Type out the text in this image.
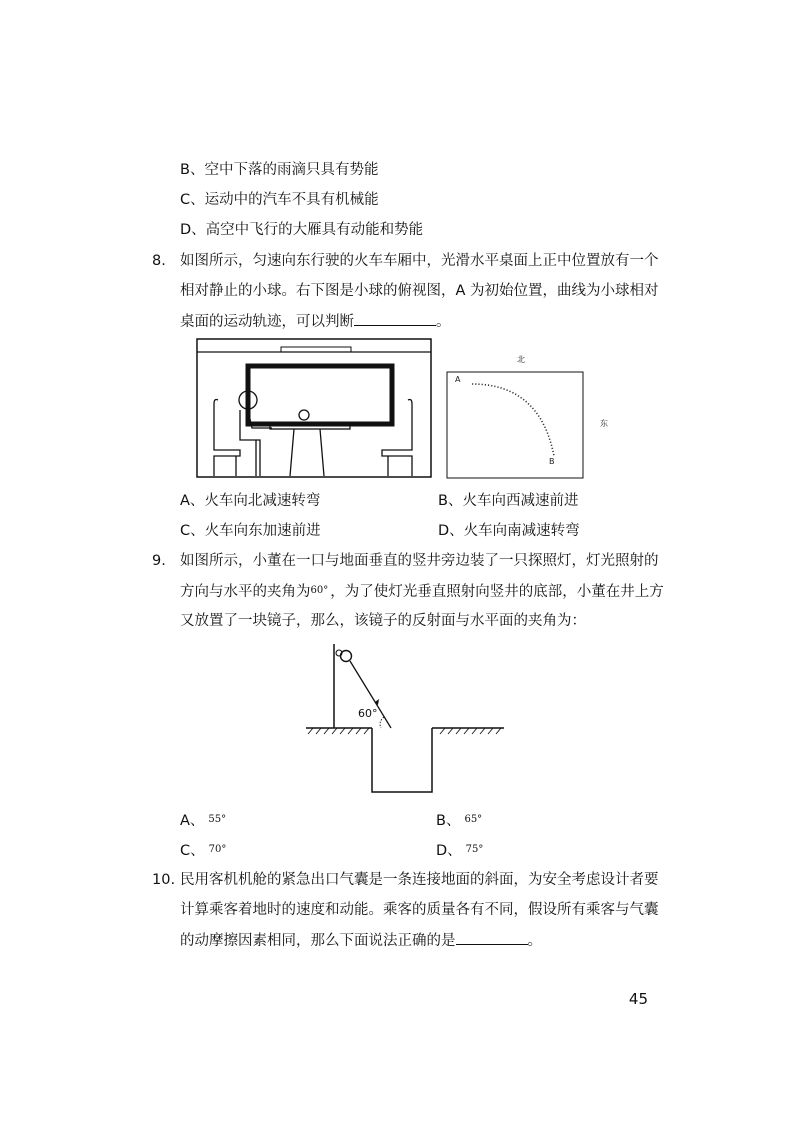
B、空中下落的雨滴只具有势能
C、运动中的汽车不具有机械能
D、高空中飞行的大雁具有动能和势能
8. 如图所示，匀速向东行驶的火车车厢中，光滑水平桌面上正中位置放有一个
相对静止的小球。右下图是小球的俯视图，A 为初始位置，曲线为小球相对
桌面的运动轨迹，可以判断	。
北
东
A
B
A、火车向北减速转弯	B、火车向西减速前进
C、火车向东加速前进	D、火车向南减速转弯
9. 如图所示，小董在一口与地面垂直的竖井旁边装了一只探照灯，灯光照射的
方向与水平的夹角为$^{60^\circ}$ ，为了使灯光垂直照射向竖井的底部，小董在井上方
又放置了一块镜子，那么，该镜子的反射面与水平面的夹角为：
60°
A、 $^{55^\circ}$	B、 $^{65^\circ}$
C、 $^{70^\circ}$	D、 $^{75^\circ}$
10. 民用客机机舱的紧急出口气囊是一条连接地面的斜面，为安全考虑设计者要
计算乘客着地时的速度和动能。乘客的质量各有不同，假设所有乘客与气囊
的动摩擦因素相同，那么下面说法正确的是	。
45
